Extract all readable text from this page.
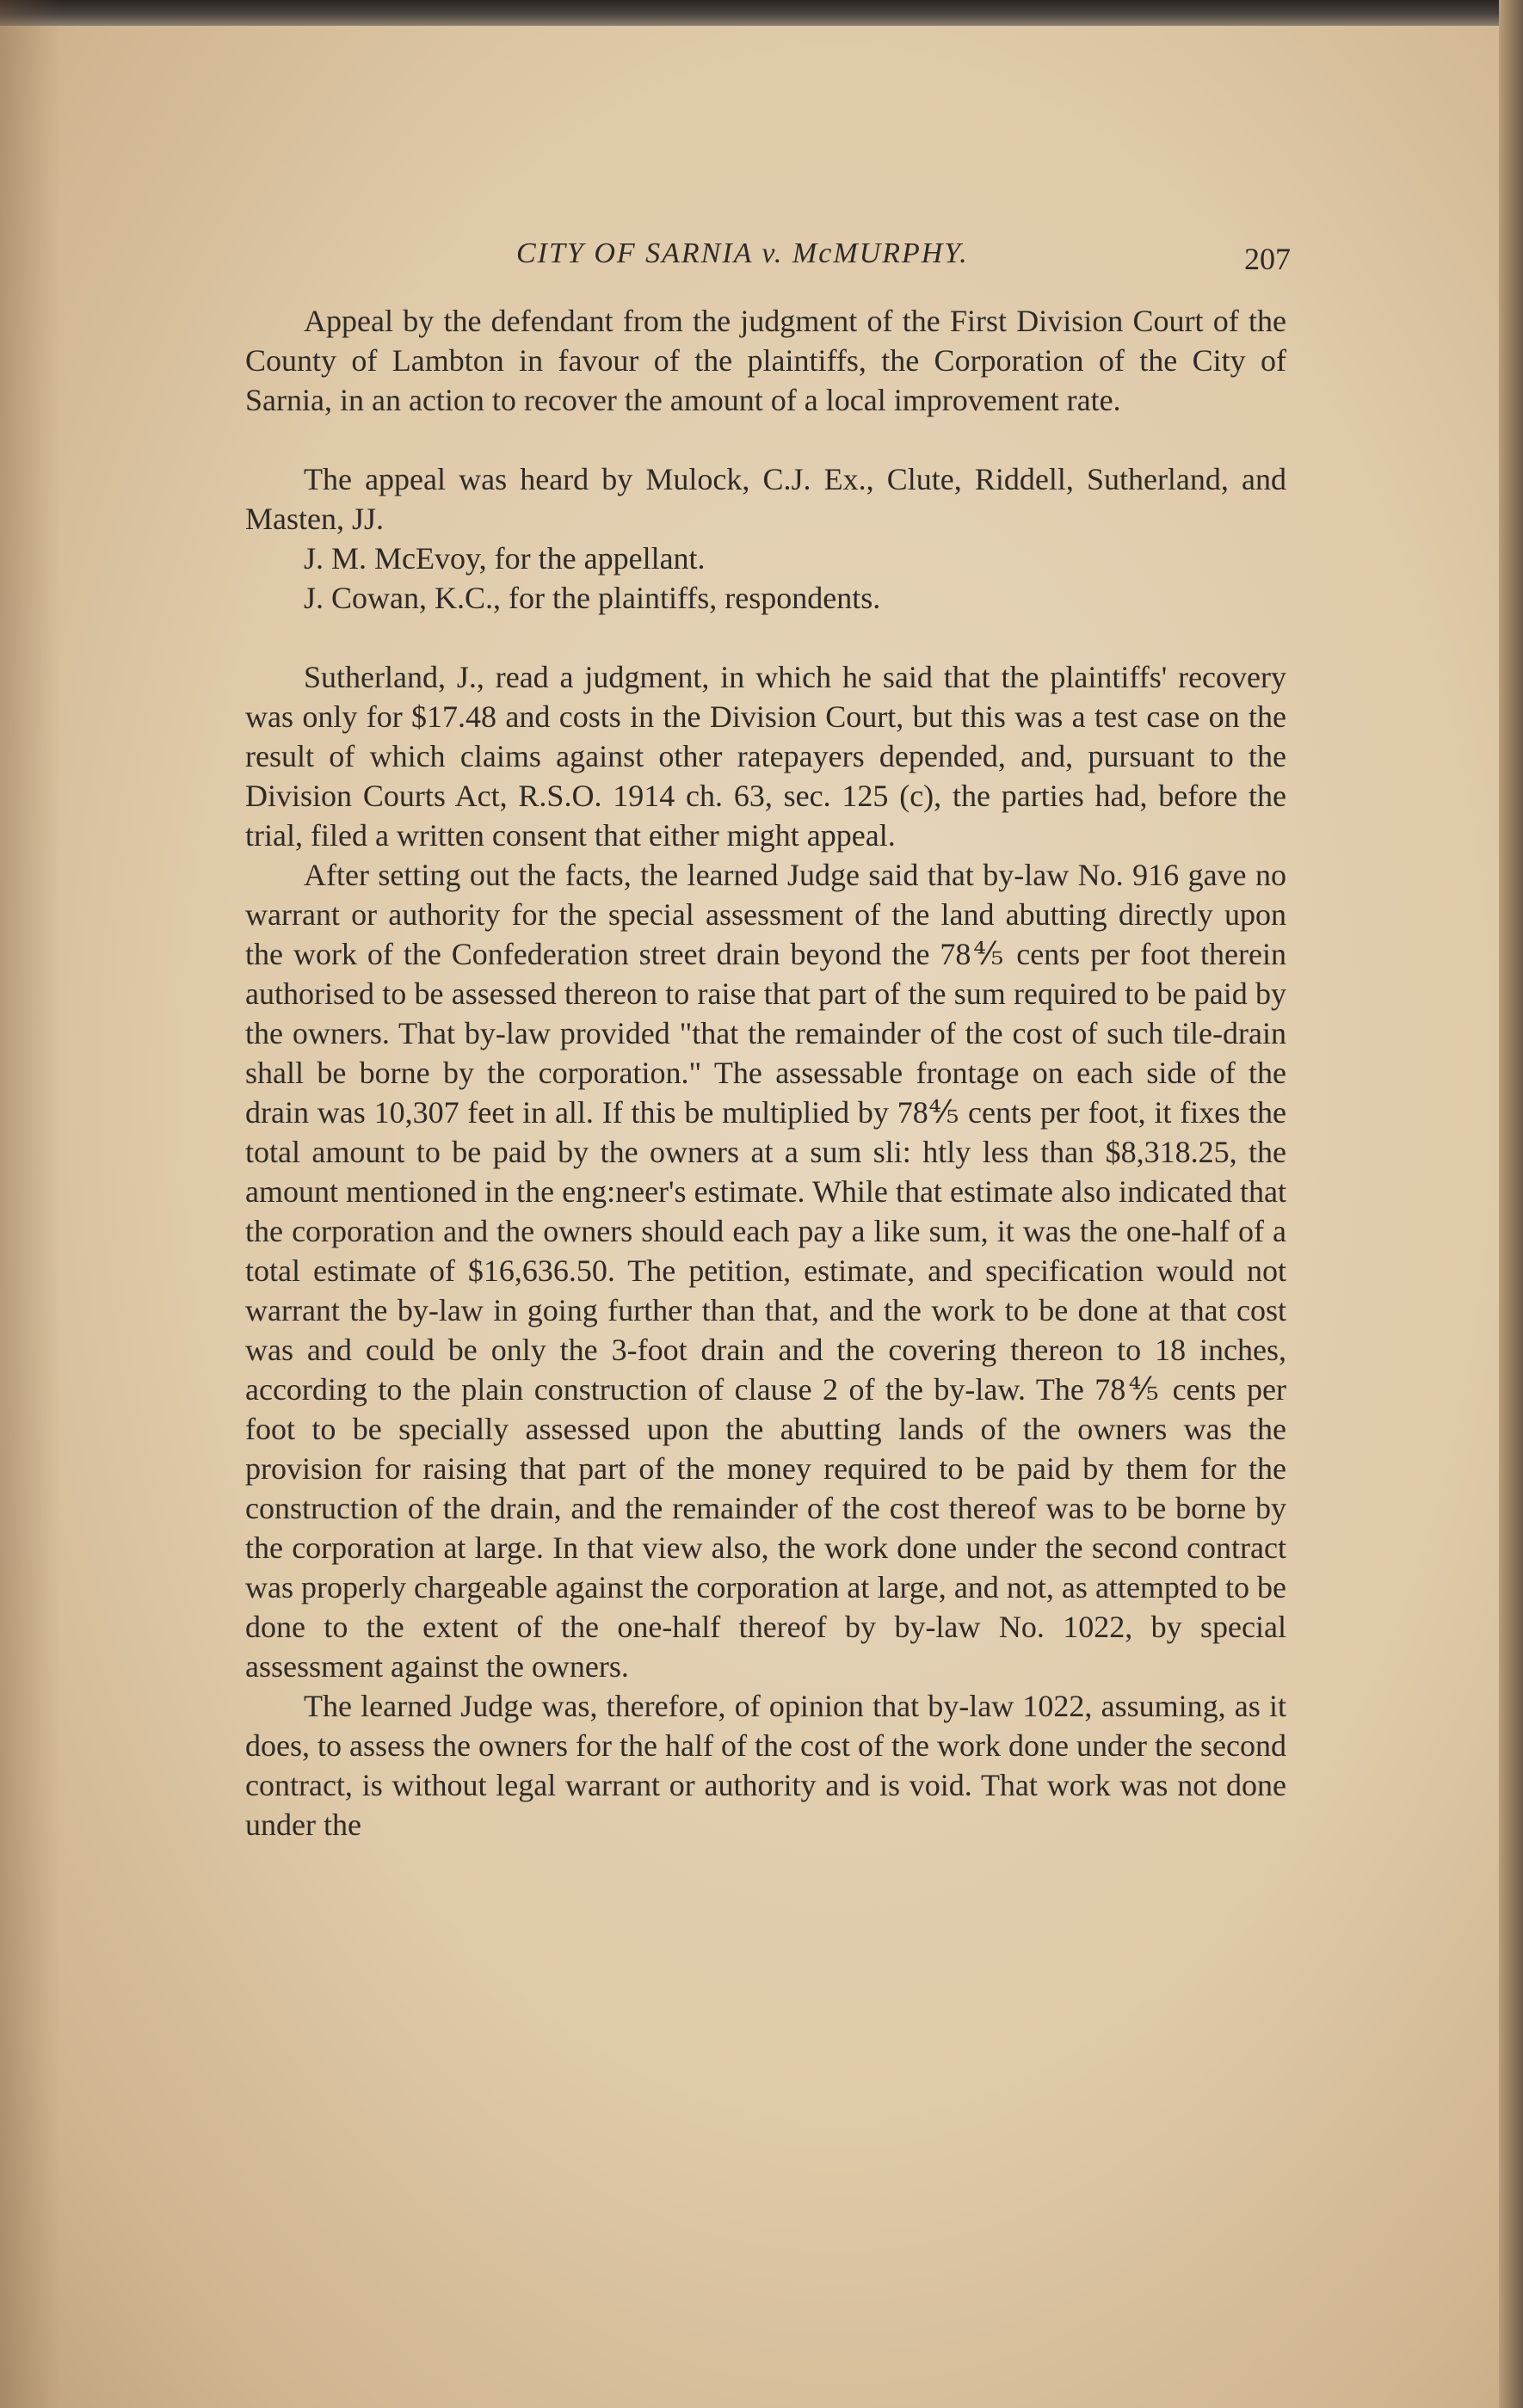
CITY OF SARNIA v. McMURPHY.	207

Appeal by the defendant from the judgment of the First Division Court of the County of Lambton in favour of the plaintiffs, the Corporation of the City of Sarnia, in an action to recover the amount of a local improvement rate.

The appeal was heard by Mulock, C.J. Ex., Clute, Riddell, Sutherland, and Masten, JJ.

J. M. McEvoy, for the appellant.

J. Cowan, K.C., for the plaintiffs, respondents.

Sutherland, J., read a judgment, in which he said that the plaintiffs' recovery was only for $17.48 and costs in the Division Court, but this was a test case on the result of which claims against other ratepayers depended, and, pursuant to the Division Courts Act, R.S.O. 1914 ch. 63, sec. 125 (c), the parties had, before the trial, filed a written consent that either might appeal.

After setting out the facts, the learned Judge said that by-law No. 916 gave no warrant or authority for the special assessment of the land abutting directly upon the work of the Confederation street drain beyond the 78⅘ cents per foot therein authorised to be assessed thereon to raise that part of the sum required to be paid by the owners. That by-law provided "that the remainder of the cost of such tile-drain shall be borne by the corporation." The assessable frontage on each side of the drain was 10,307 feet in all. If this be multiplied by 78⅘ cents per foot, it fixes the total amount to be paid by the owners at a sum sli: htly less than $8,318.25, the amount mentioned in the eng:neer's estimate. While that estimate also indicated that the corporation and the owners should each pay a like sum, it was the one-half of a total estimate of $16,636.50. The petition, estimate, and specification would not warrant the by-law in going further than that, and the work to be done at that cost was and could be only the 3-foot drain and the covering thereon to 18 inches, according to the plain construction of clause 2 of the by-law. The 78⅘ cents per foot to be specially assessed upon the abutting lands of the owners was the provision for raising that part of the money required to be paid by them for the construction of the drain, and the remainder of the cost thereof was to be borne by the corporation at large. In that view also, the work done under the second contract was properly chargeable against the corporation at large, and not, as attempted to be done to the extent of the one-half thereof by by-law No. 1022, by special assessment against the owners.

The learned Judge was, therefore, of opinion that by-law 1022, assuming, as it does, to assess the owners for the half of the cost of the work done under the second contract, is without legal warrant or authority and is void. That work was not done under the
